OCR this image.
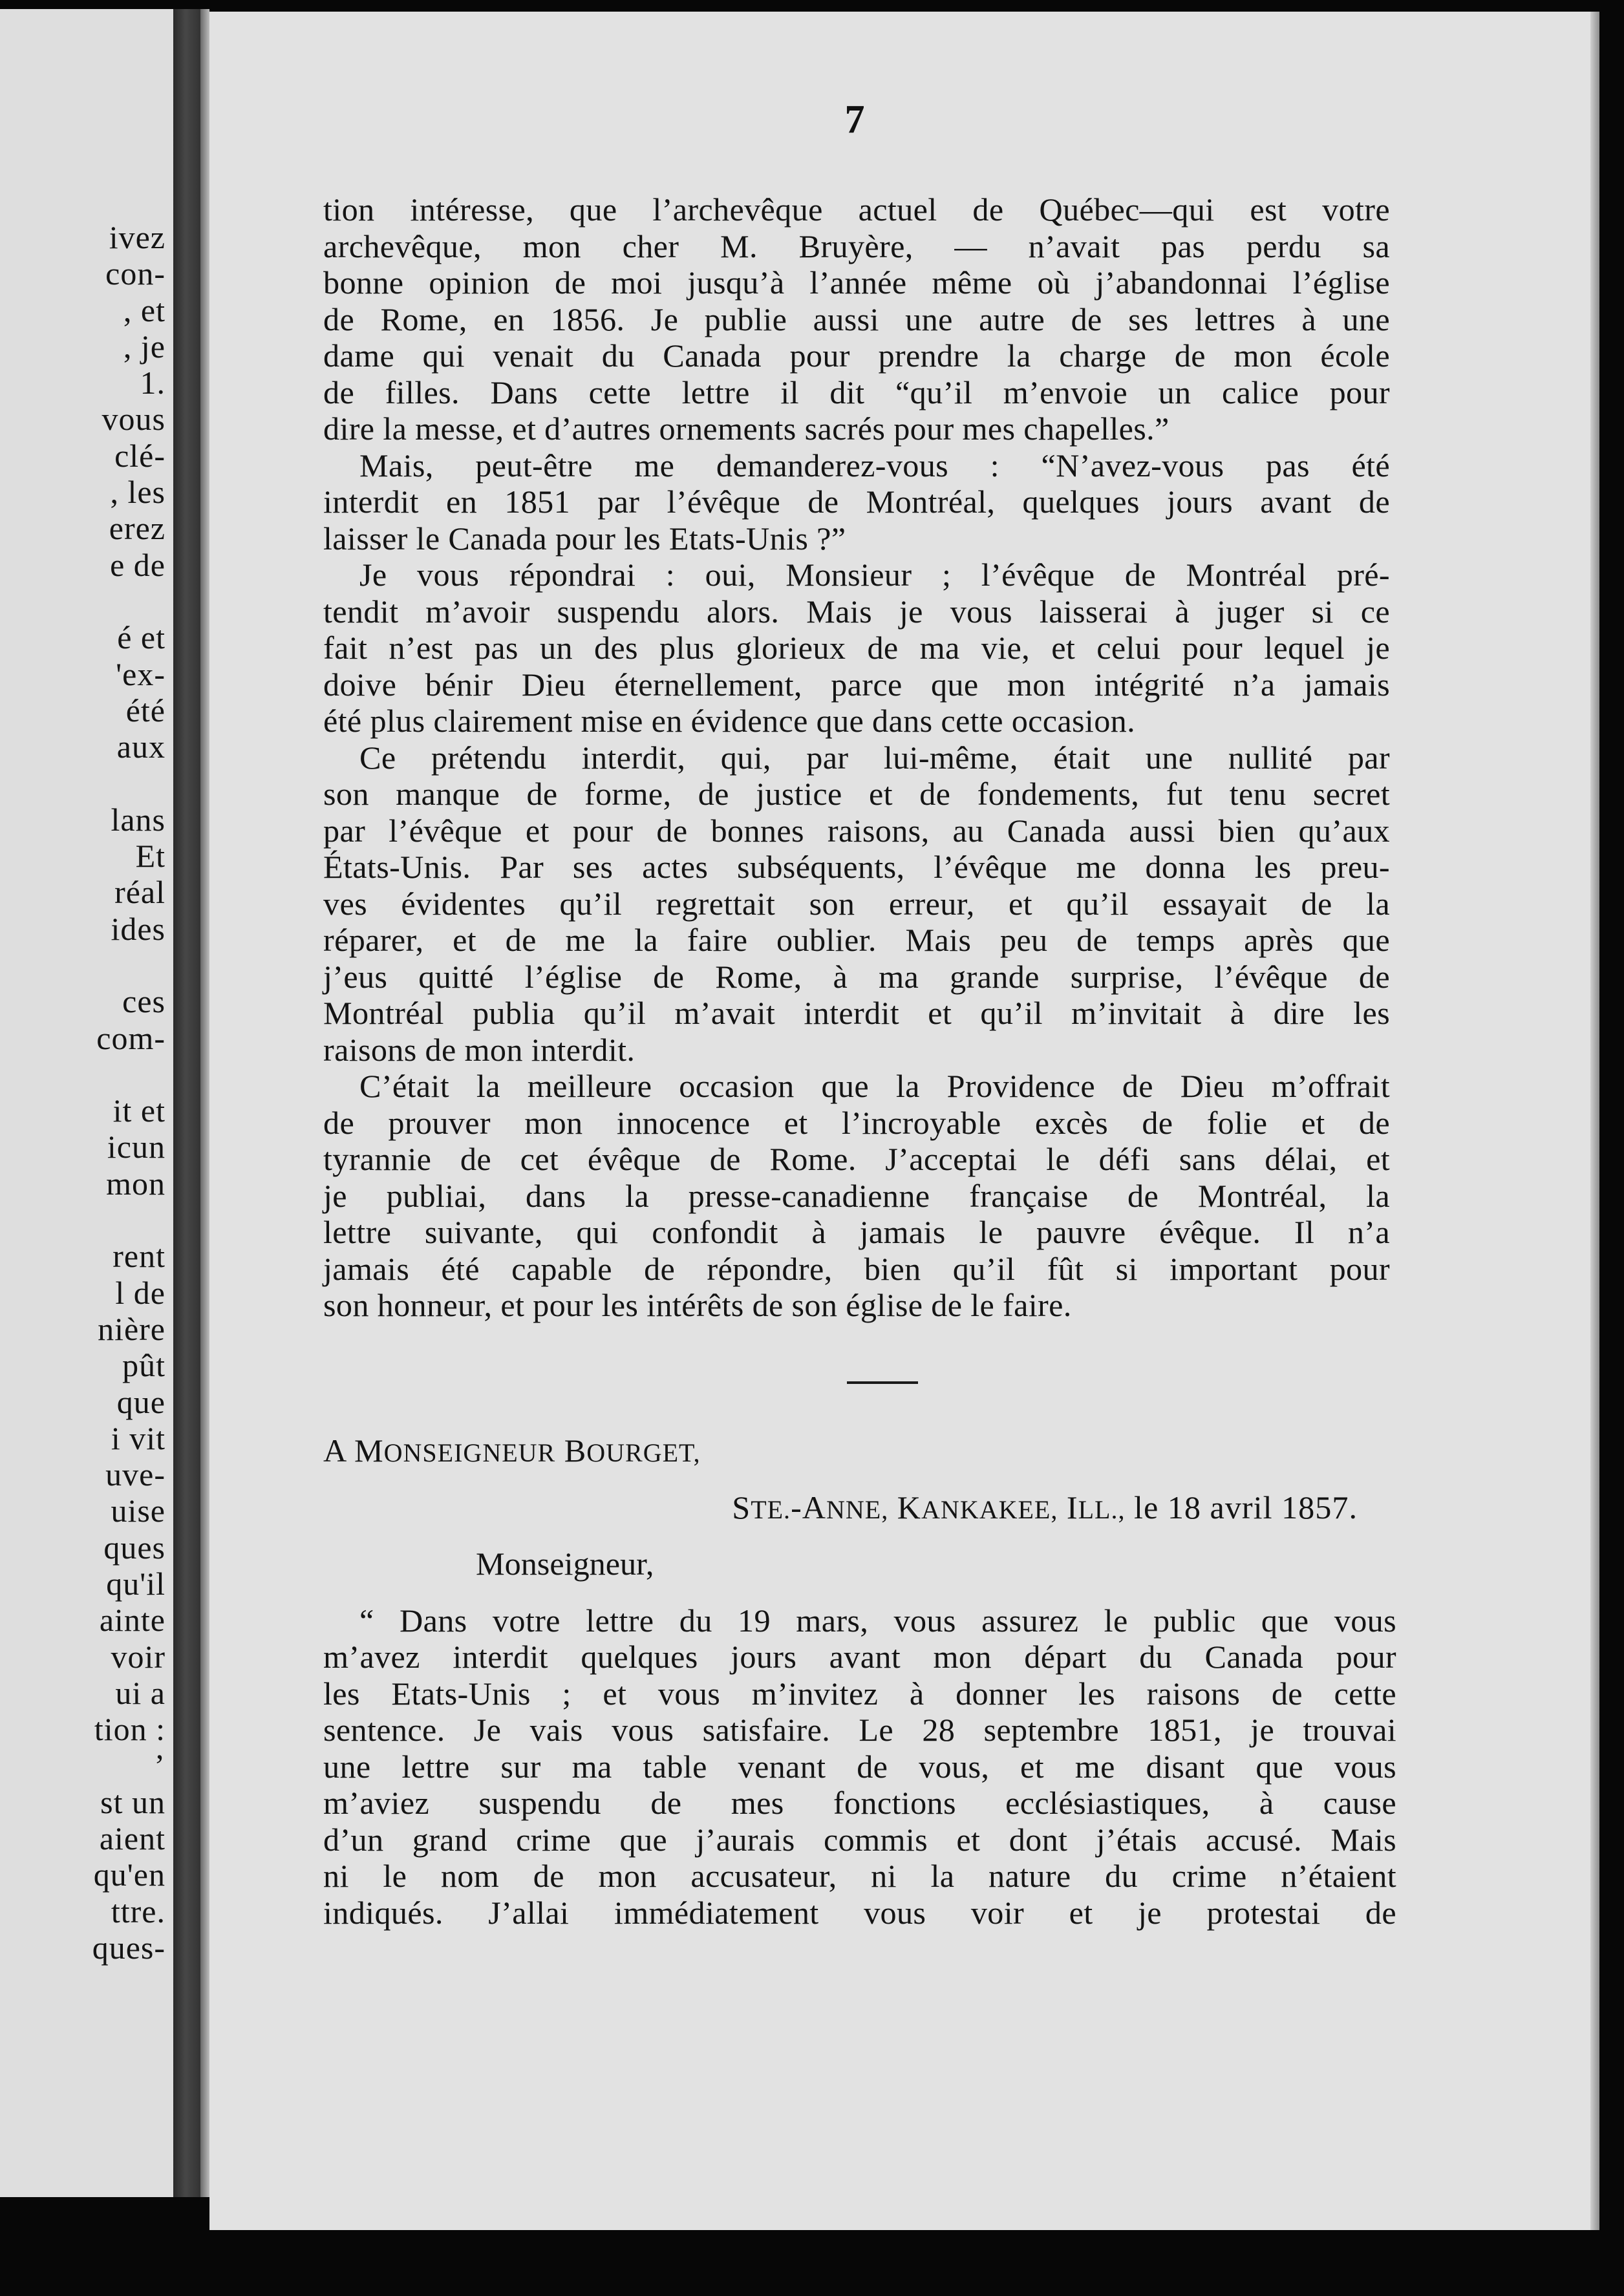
ivez
con-
, et
, je
1.
vous
clé-
, les
erez
e de
é et
'ex-
été
aux
lans
Et
réal
ides
ces
com-
it et
icun
mon
rent
l de
nière
pût
que
i vit
uve-
uise
ques
qu'il
ainte
voir
ui a
tion :
’
st un
aient
qu'en
ttre.
ques-
7
tion intéresse, que l’archevêque actuel de Québec—qui est votre
archevêque, mon cher M. Bruyère, — n’avait pas perdu sa
bonne opinion de moi jusqu’à l’année même où j’abandonnai l’église
de Rome, en 1856. Je publie aussi une autre de ses lettres à une
dame qui venait du Canada pour prendre la charge de mon école
de filles. Dans cette lettre il dit “qu’il m’envoie un calice pour
dire la messe, et d’autres ornements sacrés pour mes chapelles.”
Mais, peut-être me demanderez-vous : “N’avez-vous pas été
interdit en 1851 par l’évêque de Montréal, quelques jours avant de
laisser le Canada pour les Etats-Unis ?”
Je vous répondrai : oui, Monsieur ; l’évêque de Montréal pré-
tendit m’avoir suspendu alors. Mais je vous laisserai à juger si ce
fait n’est pas un des plus glorieux de ma vie, et celui pour lequel je
doive bénir Dieu éternellement, parce que mon intégrité n’a jamais
été plus clairement mise en évidence que dans cette occasion.
Ce prétendu interdit, qui, par lui-même, était une nullité par
son manque de forme, de justice et de fondements, fut tenu secret
par l’évêque et pour de bonnes raisons, au Canada aussi bien qu’aux
États-Unis. Par ses actes subséquents, l’évêque me donna les preu-
ves évidentes qu’il regrettait son erreur, et qu’il essayait de la
réparer, et de me la faire oublier. Mais peu de temps après que
j’eus quitté l’église de Rome, à ma grande surprise, l’évêque de
Montréal publia qu’il m’avait interdit et qu’il m’invitait à dire les
raisons de mon interdit.
C’était la meilleure occasion que la Providence de Dieu m’offrait
de prouver mon innocence et l’incroyable excès de folie et de
tyrannie de cet évêque de Rome. J’acceptai le défi sans délai, et
je publiai, dans la presse-canadienne française de Montréal, la
lettre suivante, qui confondit à jamais le pauvre évêque. Il n’a
jamais été capable de répondre, bien qu’il fût si important pour
son honneur, et pour les intérêts de son église de le faire.
A MONSEIGNEUR BOURGET,
STE.-ANNE, KANKAKEE, ILL., le 18 avril 1857.
Monseigneur,
“ Dans votre lettre du 19 mars, vous assurez le public que vous
m’avez interdit quelques jours avant mon départ du Canada pour
les Etats-Unis ; et vous m’invitez à donner les raisons de cette
sentence. Je vais vous satisfaire. Le 28 septembre 1851, je trouvai
une lettre sur ma table venant de vous, et me disant que vous
m’aviez suspendu de mes fonctions ecclésiastiques, à cause
d’un grand crime que j’aurais commis et dont j’étais accusé. Mais
ni le nom de mon accusateur, ni la nature du crime n’étaient
indiqués. J’allai immédiatement vous voir et je protestai de
